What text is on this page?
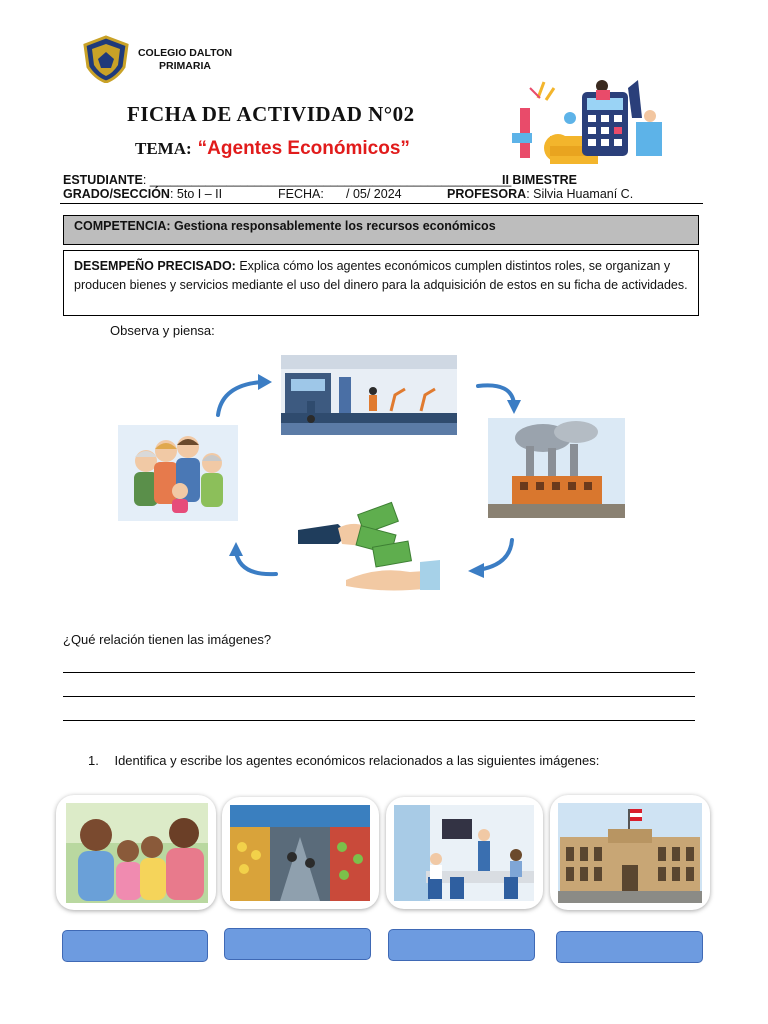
COLEGIO DALTON
PRIMARIA
FICHA DE ACTIVIDAD N°02
TEMA: “Agentes Económicos”
ESTUDIANTE: ____________________________________________________
II BIMESTRE
GRADO/SECCIÓN: 5to I – II	FECHA: / 05/ 2024	PROFESORA: Silvia Huamaní C.
COMPETENCIA: Gestiona responsablemente los recursos económicos

DESEMPEÑO PRECISADO: Explica cómo los agentes económicos cumplen distintos roles, se organizan y producen bienes y servicios mediante el uso del dinero para la adquisición de estos en su ficha de actividades.

Observa y piensa:
¿Qué relación tienen las imágenes?
1. Identifica y escribe los agentes económicos relacionados a las siguientes imágenes:
